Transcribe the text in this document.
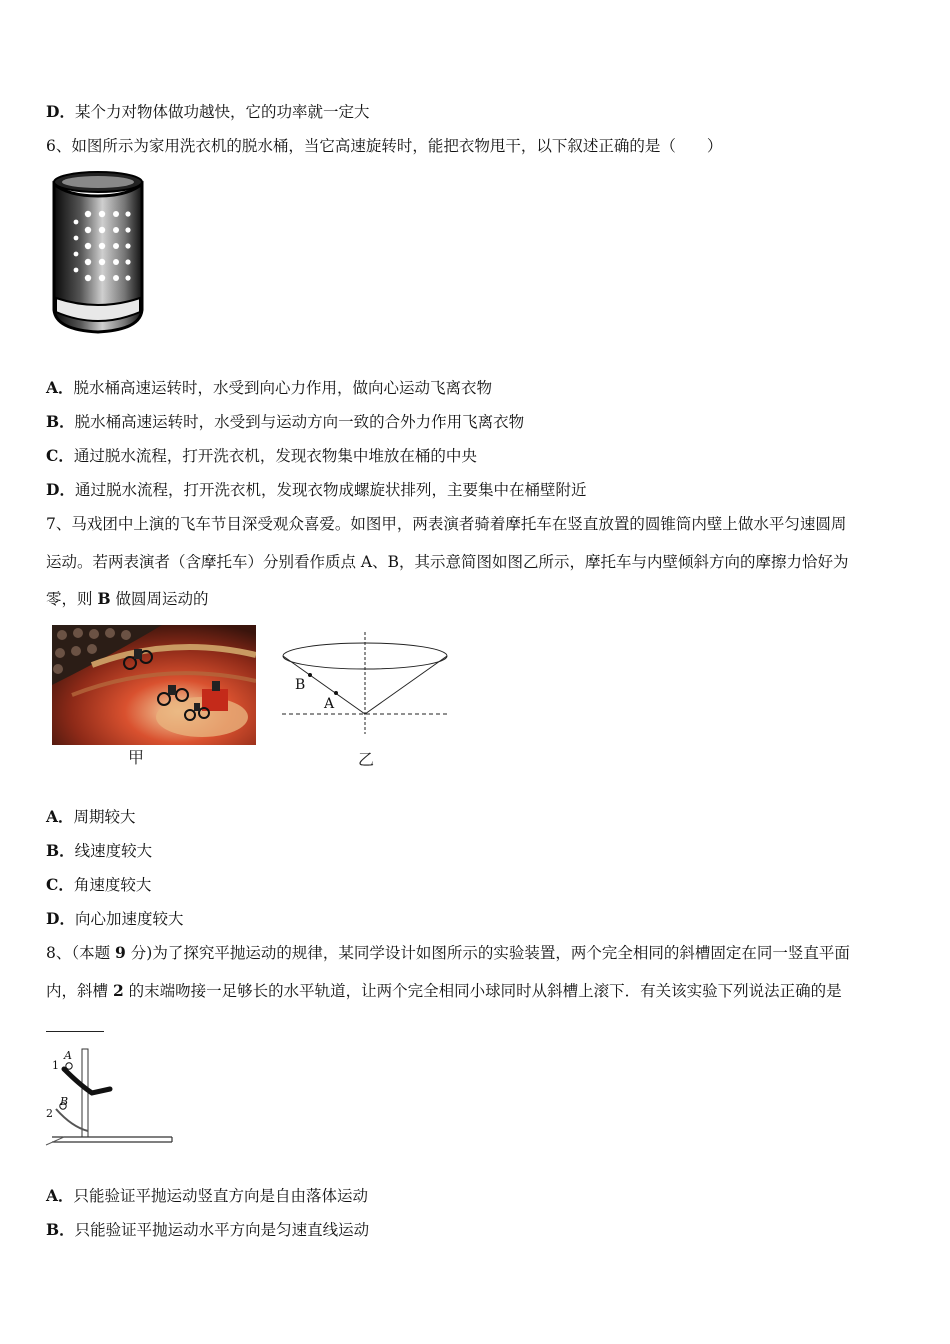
D．某个力对物体做功越快，它的功率就一定大
6、如图所示为家用洗衣机的脱水桶，当它高速旋转时，能把衣物甩干，以下叙述正确的是（　　）
A．脱水桶高速运转时，水受到向心力作用，做向心运动飞离衣物
B．脱水桶高速运转时，水受到与运动方向一致的合外力作用飞离衣物
C．通过脱水流程，打开洗衣机，发现衣物集中堆放在桶的中央
D．通过脱水流程，打开洗衣机，发现衣物成螺旋状排列，主要集中在桶壁附近
7、马戏团中上演的飞车节目深受观众喜爱。如图甲，两表演者骑着摩托车在竖直放置的圆锥筒内壁上做水平匀速圆周
运动。若两表演者（含摩托车）分别看作质点 A、B，其示意简图如图乙所示，摩托车与内壁倾斜方向的摩擦力恰好为
零，则 B 做圆周运动的
甲
B
A
乙
A．周期较大
B．线速度较大
C．角速度较大
D．向心加速度较大
8、（本题 9 分)为了探究平抛运动的规律，某同学设计如图所示的实验装置，两个完全相同的斜槽固定在同一竖直平面
内，斜槽 2 的末端吻接一足够长的水平轨道，让两个完全相同小球同时从斜槽上滚下．有关该实验下列说法正确的是
1
A
2
B
A．只能验证平抛运动竖直方向是自由落体运动
B．只能验证平抛运动水平方向是匀速直线运动
